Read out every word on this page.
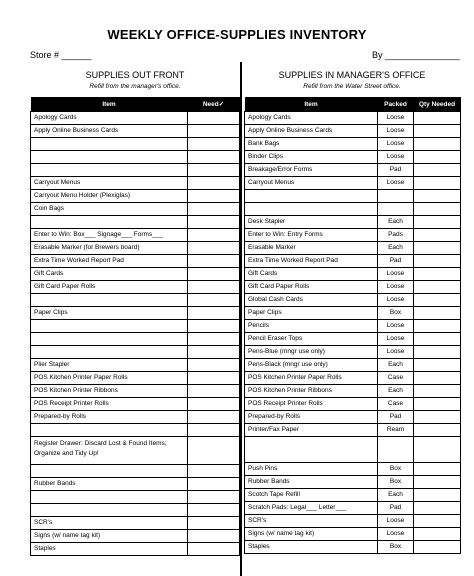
WEEKLY OFFICE-SUPPLIES INVENTORY
Store # ______	By _______________
SUPPLIES OUT FRONT
Refill from the manager's office.
SUPPLIES IN MANAGER'S OFFICE
Refill from the Water Street office.
Item	Need✓
Apology Cards	
Apply Online Business Cards	

Carryout Menus	
Carryout Menu Holder (Plexiglas)	
Coin Bags	

Enter to Win: Box___ Signage___ Forms___	
Erasable Marker (for Brewers board)	
Extra Time Worked Report Pad	
Gift Cards	
Gift Card Paper Rolls	

Paper Clips	

Plier Stapler	
POS Kitchen Printer Paper Rolls	
POS Kitchen Printer Ribbons	
POS Receipt Printer Rolls	
Prepared-by Rolls	

Register Drawer: Discard Lost & Found Items; Organize and Tidy Up!	

Rubber Bands	

SCR's	
Signs (w/ name tag kit)	
Staples	
Item	Packed	Qty Needed
Apology Cards	Loose	
Apply Online Business Cards	Loose	
Bank Bags	Loose	
Binder Clips	Loose	
Breakage/Error Forms	Pad	
Carryout Menus	Loose	

Desk Stapler	Each	
Enter to Win: Entry Forms	Pads	
Erasable Marker	Each	
Extra Time Worked Report Pad	Pad	
Gift Cards	Loose	
Gift Card Paper Rolls	Loose	
Global Cash Cards	Loose	
Paper Clips	Box	
Pencils	Loose	
Pencil Eraser Tops	Loose	
Pens-Blue (mngr use only)	Loose	
Pens-Black (mngr use only)	Each	
POS Kitchen Printer Paper Rolls	Case	
POS Kitchen Printer Ribbons	Each	
POS Receipt Printer Rolls	Case	
Prepared-by Rolls	Pad	
Printer/Fax Paper	Ream	

Push Pins	Box	
Rubber Bands	Box	
Scotch Tape Refill	Each	
Scratch Pads: Legal___ Letter___	Pad	
SCR's	Loose	
Signs (w/ name tag kit)	Loose	
Staples	Box	
